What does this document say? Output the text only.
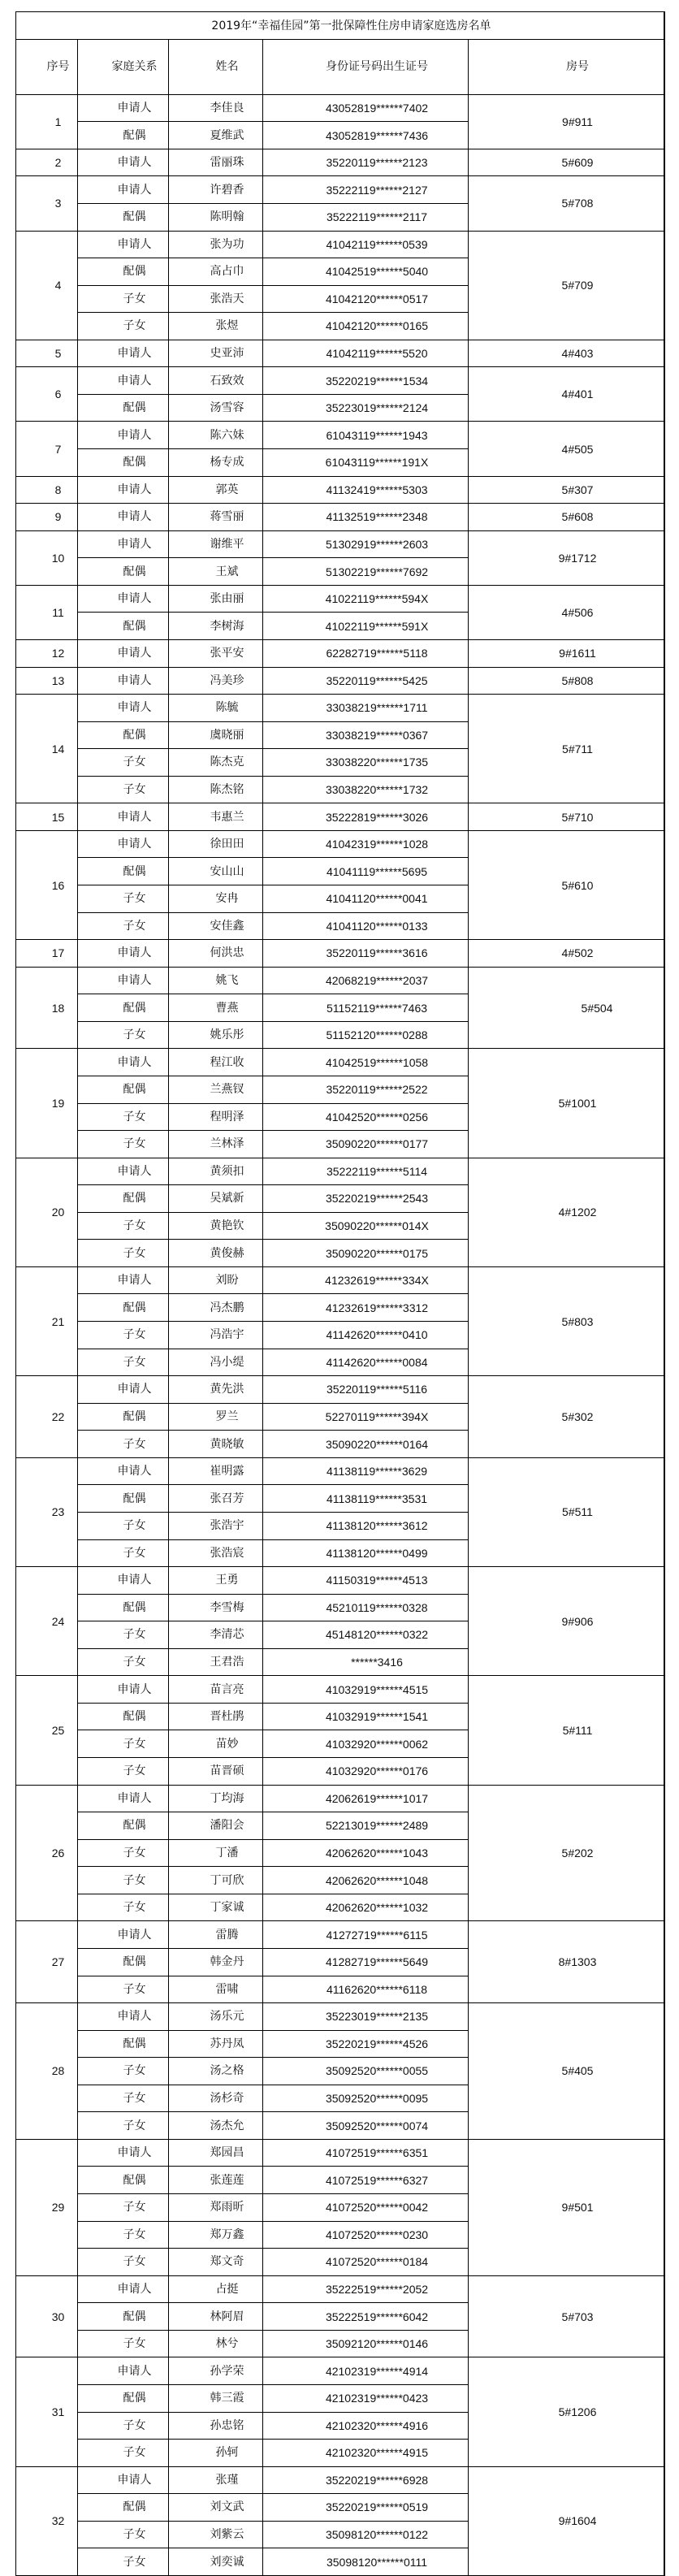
2019年“幸福佳园”第一批保障性住房申请家庭选房名单
序号	家庭关系	姓名	身份证号码出生证号	房号
1
申请人	李佳良	43052819******7402
配偶	夏维武	43052819******7436
9#911
2	申请人	雷丽珠	35220119******2123	5#609
3
申请人	许碧香	35222119******2127
配偶	陈明翰	35222119******2117
5#708
4
申请人	张为功	41042119******0539
配偶	高占巾	41042519******5040
子女	张浩天	41042120******0517
子女	张煜	41042120******0165
5#709
5	申请人	史亚沛	41042119******5520	4#403
6
申请人	石致效	35220219******1534
配偶	汤雪容	35223019******2124
4#401
7
申请人	陈六妹	61043119******1943
配偶	杨专成	61043119******191X
4#505
8	申请人	郭英	41132419******5303	5#307
9	申请人	蒋雪丽	41132519******2348	5#608
10
申请人	谢维平	51302919******2603
配偶	王斌	51302219******7692
9#1712
11
申请人	张由丽	41022119******594X
配偶	李树海	41022119******591X
4#506
12	申请人	张平安	62282719******5118	9#1611
13	申请人	冯美珍	35220119******5425	5#808
14
申请人	陈毓	33038219******1711
配偶	虞晓丽	33038219******0367
子女	陈杰克	33038220******1735
子女	陈杰铭	33038220******1732
5#711
15	申请人	韦惠兰	35222819******3026	5#710
16
申请人	徐田田	41042319******1028
配偶	安山山	41041119******5695
子女	安冉	41041120******0041
子女	安佳鑫	41041120******0133
5#610
17	申请人	何洪忠	35220119******3616	4#502
18
申请人	姚飞	42068219******2037
配偶	曹燕	51152119******7463
子女	姚乐彤	51152120******0288
5#504
19
申请人	程江收	41042519******1058
配偶	兰燕钗	35220119******2522
子女	程明泽	41042520******0256
子女	兰林泽	35090220******0177
5#1001
20
申请人	黄须扣	35222119******5114
配偶	吴斌新	35220219******2543
子女	黄艳钦	35090220******014X
子女	黄俊赫	35090220******0175
4#1202
21
申请人	刘盼	41232619******334X
配偶	冯杰鹏	41232619******3312
子女	冯浩宇	41142620******0410
子女	冯小缇	41142620******0084
5#803
22
申请人	黄先洪	35220119******5116
配偶	罗兰	52270119******394X
子女	黄晓敏	35090220******0164
5#302
23
申请人	崔明露	41138119******3629
配偶	张召芳	41138119******3531
子女	张浩宇	41138120******3612
子女	张浩宸	41138120******0499
5#511
24
申请人	王勇	41150319******4513
配偶	李雪梅	45210119******0328
子女	李清芯	45148120******0322
子女	王君浩	******3416
9#906
25
申请人	苗言亮	41032919******4515
配偶	晋杜鹃	41032919******1541
子女	苗妙	41032920******0062
子女	苗晋硕	41032920******0176
5#111
26
申请人	丁均海	42062619******1017
配偶	潘阳会	52213019******2489
子女	丁潘	42062620******1043
子女	丁可欣	42062620******1048
子女	丁家诚	42062620******1032
5#202
27
申请人	雷腾	41272719******6115
配偶	韩金丹	41282719******5649
子女	雷啸	41162620******6118
8#1303
28
申请人	汤乐元	35223019******2135
配偶	苏丹凤	35220219******4526
子女	汤之格	35092520******0055
子女	汤杉奇	35092520******0095
子女	汤杰允	35092520******0074
5#405
29
申请人	郑园昌	41072519******6351
配偶	张莲莲	41072519******6327
子女	郑雨昕	41072520******0042
子女	郑万鑫	41072520******0230
子女	郑文奇	41072520******0184
9#501
30
申请人	占挺	35222519******2052
配偶	林阿眉	35222519******6042
子女	林兮	35092120******0146
5#703
31
申请人	孙学荣	42102319******4914
配偶	韩三霞	42102319******0423
子女	孙忠铭	42102320******4916
子女	孙轲	42102320******4915
5#1206
32
申请人	张瑾	35220219******6928
配偶	刘文武	35220219******0519
子女	刘紫云	35098120******0122
子女	刘奕诚	35098120******0111
9#1604
